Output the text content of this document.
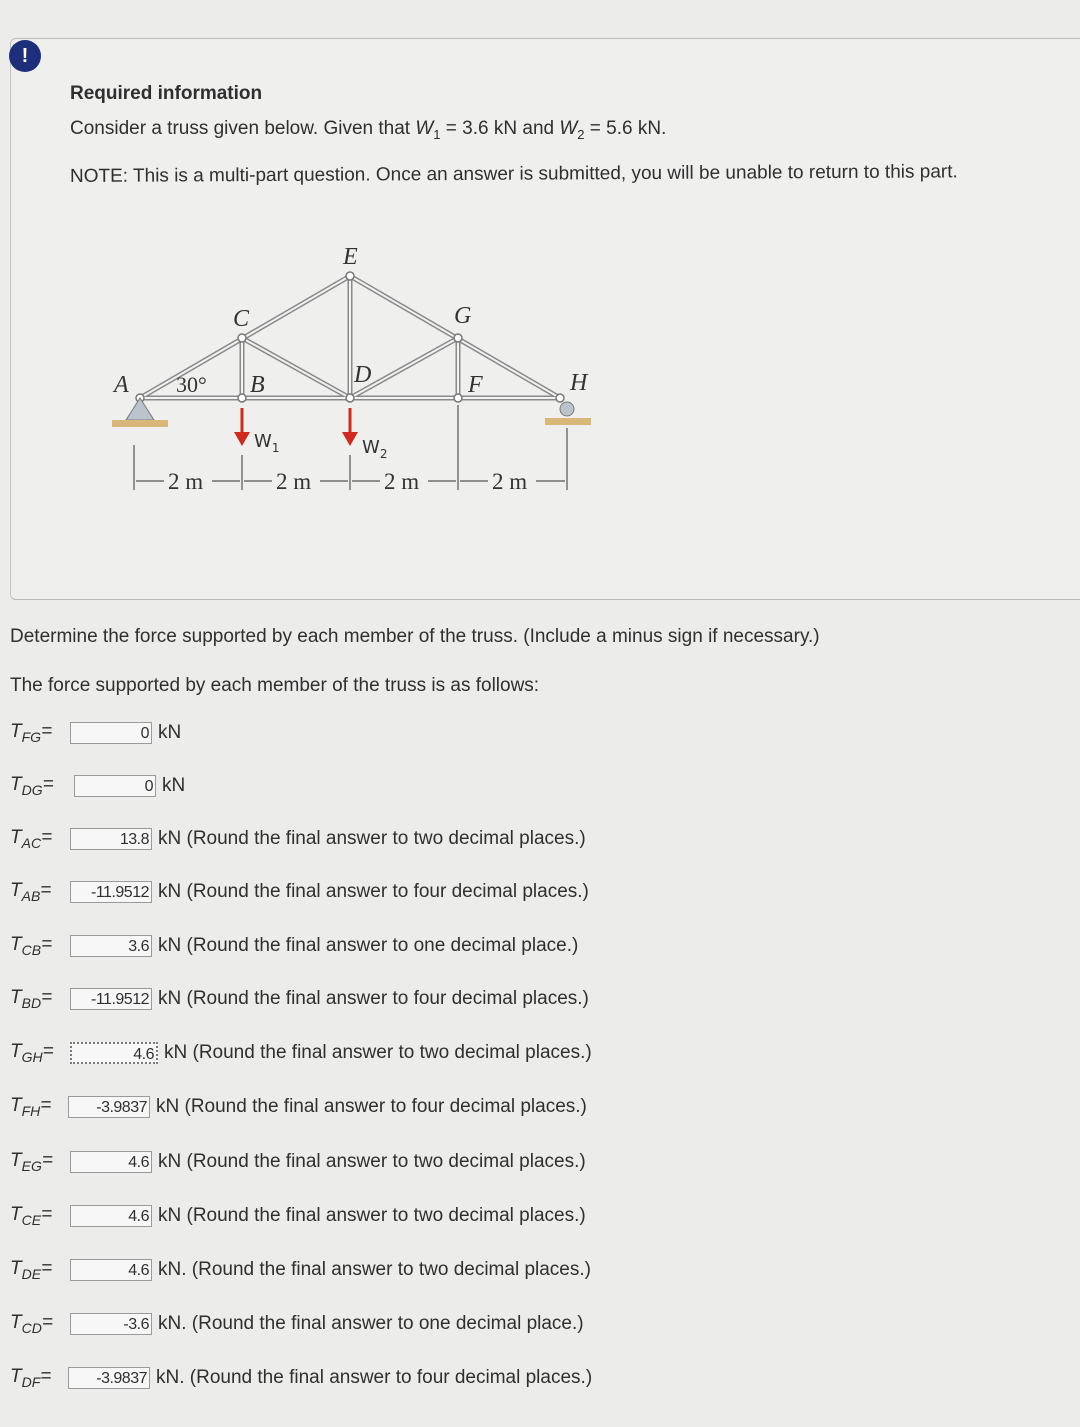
!
Required information
Consider a truss given below. Given that $W_1 = 3.6$ kN and $W_2 = 5.6$ kN.
NOTE: This is a multi-part question. Once an answer is submitted, you will be unable to return to this part.
A	B
C
D
E
F
G
H
30°
$W_1$	$W_2$
2 m	2 m	2 m	2 m
Determine the force supported by each member of the truss. (Include a minus sign if necessary.)
The force supported by each member of the truss is as follows:
$T_{FG}=$	0 kN
$T_{DG}=$	0 kN
$T_{AC}=$	13.8 kN (Round the final answer to two decimal places.)
$T_{AB}=$	-11.9512 kN (Round the final answer to four decimal places.)
$T_{CB}=$	3.6 kN (Round the final answer to one decimal place.)
$T_{BD}=$	-11.9512 kN (Round the final answer to four decimal places.)
$T_{GH}=$	4.6 kN (Round the final answer to two decimal places.)
$T_{FH}=$	-3.9837 kN (Round the final answer to four decimal places.)
$T_{EG}=$	4.6 kN (Round the final answer to two decimal places.)
$T_{CE}=$	4.6 kN (Round the final answer to two decimal places.)
$T_{DE}=$	4.6 kN. (Round the final answer to two decimal places.)
$T_{CD}=$	-3.6 kN. (Round the final answer to one decimal place.)
$T_{DF}=$	-3.9837 kN. (Round the final answer to four decimal places.)
